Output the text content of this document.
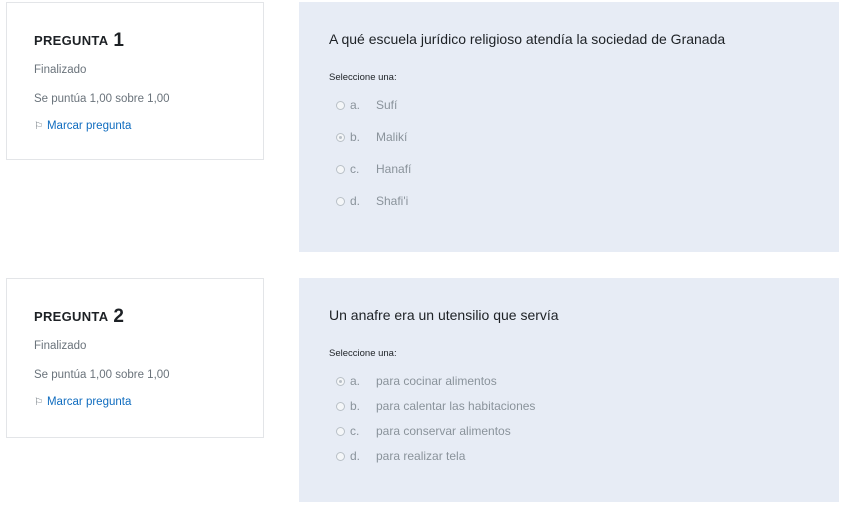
PREGUNTA 1
Finalizado
Se puntúa 1,00 sobre 1,00
⚐ Marcar pregunta
A qué escuela jurídico religioso atendía la sociedad de Granada
Seleccione una:
a. Sufí
b. Malikí
c. Hanafí
d. Shafi'i
PREGUNTA 2
Finalizado
Se puntúa 1,00 sobre 1,00
⚐ Marcar pregunta
Un anafre era un utensilio que servía
Seleccione una:
a. para cocinar alimentos
b. para calentar las habitaciones
c. para conservar alimentos
d. para realizar tela
